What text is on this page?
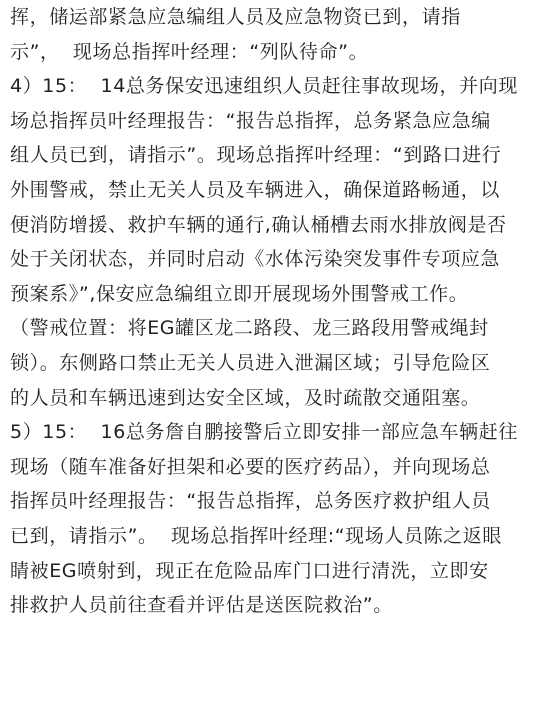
挥，储运部紧急应急编组人员及应急物资已到，请指
示”，  现场总指挥叶经理：“列队待命”。
4）15：  14总务保安迅速组织人员赶往事故现场，并向现
场总指挥员叶经理报告：“报告总指挥，总务紧急应急编
组人员已到，请指示”。现场总指挥叶经理：“到路口进行
外围警戒，禁止无关人员及车辆进入，确保道路畅通，以
便消防增援、救护车辆的通行,确认桶槽去雨水排放阀是否
处于关闭状态，并同时启动《水体污染突发事件专项应急
预案系》”,保安应急编组立即开展现场外围警戒工作。
（警戒位置：将EG罐区龙二路段、龙三路段用警戒绳封
锁）。东侧路口禁止无关人员进入泄漏区域；引导危险区
的人员和车辆迅速到达安全区域，及时疏散交通阻塞。
5）15：  16总务詹自鹏接警后立即安排一部应急车辆赶往
现场（随车准备好担架和必要的医疗药品），并向现场总
指挥员叶经理报告：“报告总指挥，总务医疗救护组人员
已到，请指示”。  现场总指挥叶经理:“现场人员陈之返眼
睛被EG喷射到，现正在危险品库门口进行清洗，立即安
排救护人员前往查看并评估是送医院救治”。
